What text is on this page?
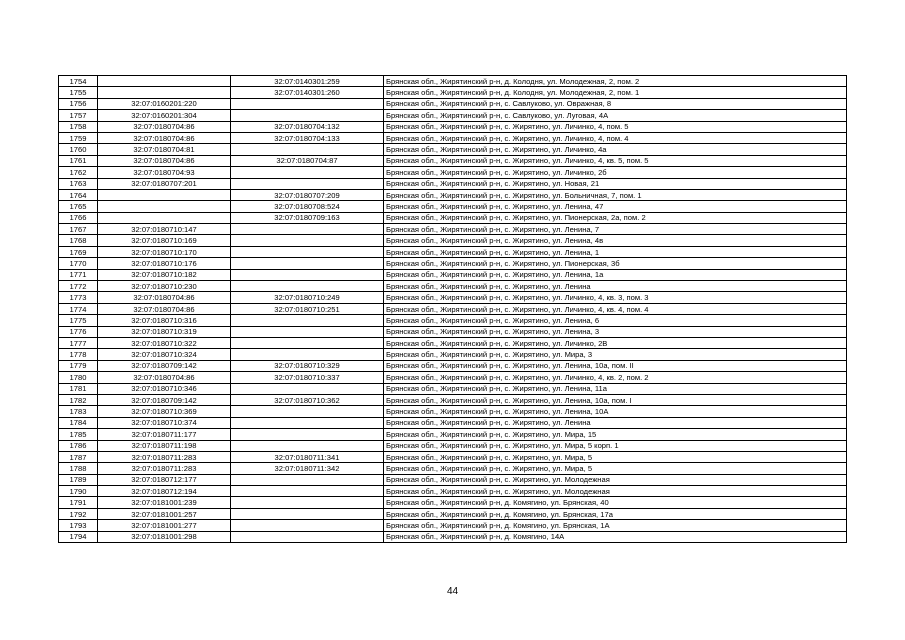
1754		32:07:0140301:259	Брянская обл., Жирятинский р-н, д. Колодня, ул. Молодежная, 2, пом. 2
1755		32:07:0140301:260	Брянская обл., Жирятинский р-н, д. Колодня, ул. Молодежная, 2, пом. 1
1756	32:07:0160201:220		Брянская обл., Жирятинский р-н, с. Савлуково, ул. Овражная, 8
1757	32:07:0160201:304		Брянская обл., Жирятинский р-н, с. Савлуково, ул. Луговая, 4А
1758	32:07:0180704:86	32:07:0180704:132	Брянская обл., Жирятинский р-н, с. Жирятино, ул. Личинко, 4, пом. 5
1759	32:07:0180704:86	32:07:0180704:133	Брянская обл., Жирятинский р-н, с. Жирятино, ул. Личинко, 4, пом. 4
1760	32:07:0180704:81		Брянская обл., Жирятинский р-н, с. Жирятино, ул. Личинко, 4а
1761	32:07:0180704:86	32:07:0180704:87	Брянская обл., Жирятинский р-н, с. Жирятино, ул. Личинко, 4, кв. 5, пом. 5
1762	32:07:0180704:93		Брянская обл., Жирятинский р-н, с. Жирятино, ул. Личинко, 2б
1763	32:07:0180707:201		Брянская обл., Жирятинский р-н, с. Жирятино, ул. Новая, 21
1764		32:07:0180707:209	Брянская обл., Жирятинский р-н, с. Жирятино, ул. Больничная, 7, пом. 1
1765		32:07:0180708:524	Брянская обл., Жирятинский р-н, с. Жирятино, ул. Ленина, 47
1766		32:07:0180709:163	Брянская обл., Жирятинский р-н, с. Жирятино, ул. Пионерская, 2а, пом. 2
1767	32:07:0180710:147		Брянская обл., Жирятинский р-н, с. Жирятино, ул. Ленина, 7
1768	32:07:0180710:169		Брянская обл., Жирятинский р-н, с. Жирятино, ул. Ленина, 4в
1769	32:07:0180710:170		Брянская обл., Жирятинский р-н, с. Жирятино, ул. Ленина, 1
1770	32:07:0180710:176		Брянская обл., Жирятинский р-н, с. Жирятино, ул. Пионерская, 3б
1771	32:07:0180710:182		Брянская обл., Жирятинский р-н, с. Жирятино, ул. Ленина, 1а
1772	32:07:0180710:230		Брянская обл., Жирятинский р-н, с. Жирятино, ул. Ленина
1773	32:07:0180704:86	32:07:0180710:249	Брянская обл., Жирятинский р-н, с. Жирятино, ул. Личинко, 4, кв. 3, пом. 3
1774	32:07:0180704:86	32:07:0180710:251	Брянская обл., Жирятинский р-н, с. Жирятино, ул. Личинко, 4, кв. 4, пом. 4
1775	32:07:0180710:316		Брянская обл., Жирятинский р-н, с. Жирятино, ул. Ленина, 6
1776	32:07:0180710:319		Брянская обл., Жирятинский р-н, с. Жирятино, ул. Ленина, 3
1777	32:07:0180710:322		Брянская обл., Жирятинский р-н, с. Жирятино, ул. Личинко, 2В
1778	32:07:0180710:324		Брянская обл., Жирятинский р-н, с. Жирятино, ул. Мира, 3
1779	32:07:0180709:142	32:07:0180710:329	Брянская обл., Жирятинский р-н, с. Жирятино, ул. Ленина, 10а, пом. II
1780	32:07:0180704:86	32:07:0180710:337	Брянская обл., Жирятинский р-н, с. Жирятино, ул. Личинко, 4, кв. 2, пом. 2
1781	32:07:0180710:346		Брянская обл., Жирятинский р-н, с. Жирятино, ул. Ленина, 11а
1782	32:07:0180709:142	32:07:0180710:362	Брянская обл., Жирятинский р-н, с. Жирятино, ул. Ленина, 10а, пом. I
1783	32:07:0180710:369		Брянская обл., Жирятинский р-н, с. Жирятино, ул. Ленина, 10А
1784	32:07:0180710:374		Брянская обл., Жирятинский р-н, с. Жирятино, ул. Ленина
1785	32:07:0180711:177		Брянская обл., Жирятинский р-н, с. Жирятино, ул. Мира, 15
1786	32:07:0180711:198		Брянская обл., Жирятинский р-н, с. Жирятино, ул. Мира, 5 корп. 1
1787	32:07:0180711:283	32:07:0180711:341	Брянская обл., Жирятинский р-н, с. Жирятино, ул. Мира, 5
1788	32:07:0180711:283	32:07:0180711:342	Брянская обл., Жирятинский р-н, с. Жирятино, ул. Мира, 5
1789	32:07:0180712:177		Брянская обл., Жирятинский р-н, с. Жирятино, ул. Молодежная
1790	32:07:0180712:194		Брянская обл., Жирятинский р-н, с. Жирятино, ул. Молодежная
1791	32:07:0181001:239		Брянская обл., Жирятинский р-н, д. Комягино, ул. Брянская, 40
1792	32:07:0181001:257		Брянская обл., Жирятинский р-н, д. Комягино, ул. Брянская, 17а
1793	32:07:0181001:277		Брянская обл., Жирятинский р-н, д. Комягино, ул. Брянская, 1А
1794	32:07:0181001:298		Брянская обл., Жирятинский р-н, д. Комягино, 14А
44
